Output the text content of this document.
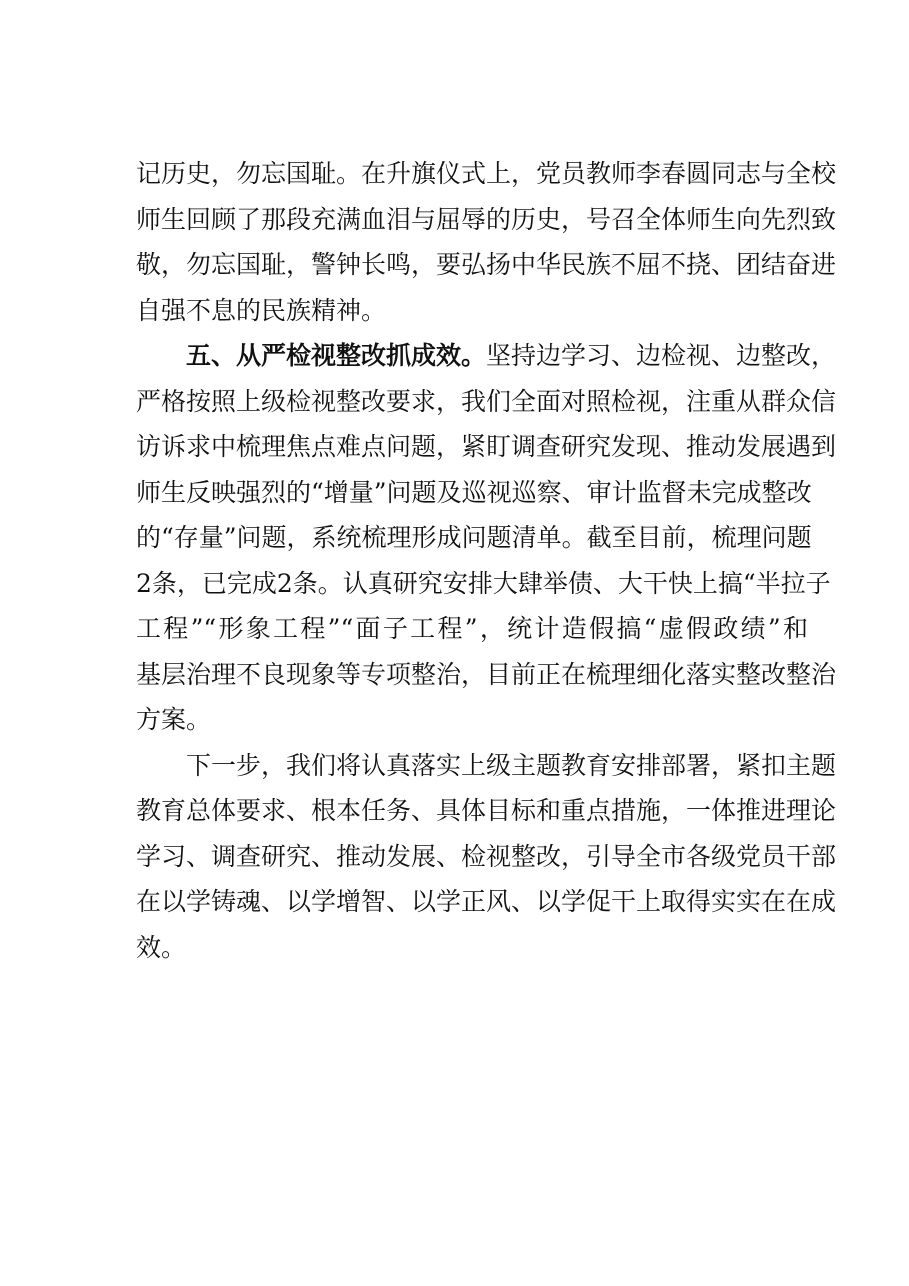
记历史，勿忘国耻。在升旗仪式上，党员教师李春圆同志与全校
师生回顾了那段充满血泪与屈辱的历史，号召全体师生向先烈致
敬，勿忘国耻，警钟长鸣，要弘扬中华民族不屈不挠、团结奋进
自强不息的民族精神。
五、从严检视整改抓成效。坚持边学习、边检视、边整改，
严格按照上级检视整改要求，我们全面对照检视，注重从群众信
访诉求中梳理焦点难点问题，紧盯调查研究发现、推动发展遇到
师生反映强烈的“增量”问题及巡视巡察、审计监督未完成整改
的“存量”问题，系统梳理形成问题清单。截至目前，梳理问题
2条，已完成2条。认真研究安排大肆举债、大干快上搞“半拉子
工程”“形象工程”“面子工程”，统计造假搞“虚假政绩”和
基层治理不良现象等专项整治，目前正在梳理细化落实整改整治
方案。
下一步，我们将认真落实上级主题教育安排部署，紧扣主题
教育总体要求、根本任务、具体目标和重点措施，一体推进理论
学习、调查研究、推动发展、检视整改，引导全市各级党员干部
在以学铸魂、以学增智、以学正风、以学促干上取得实实在在成
效。
